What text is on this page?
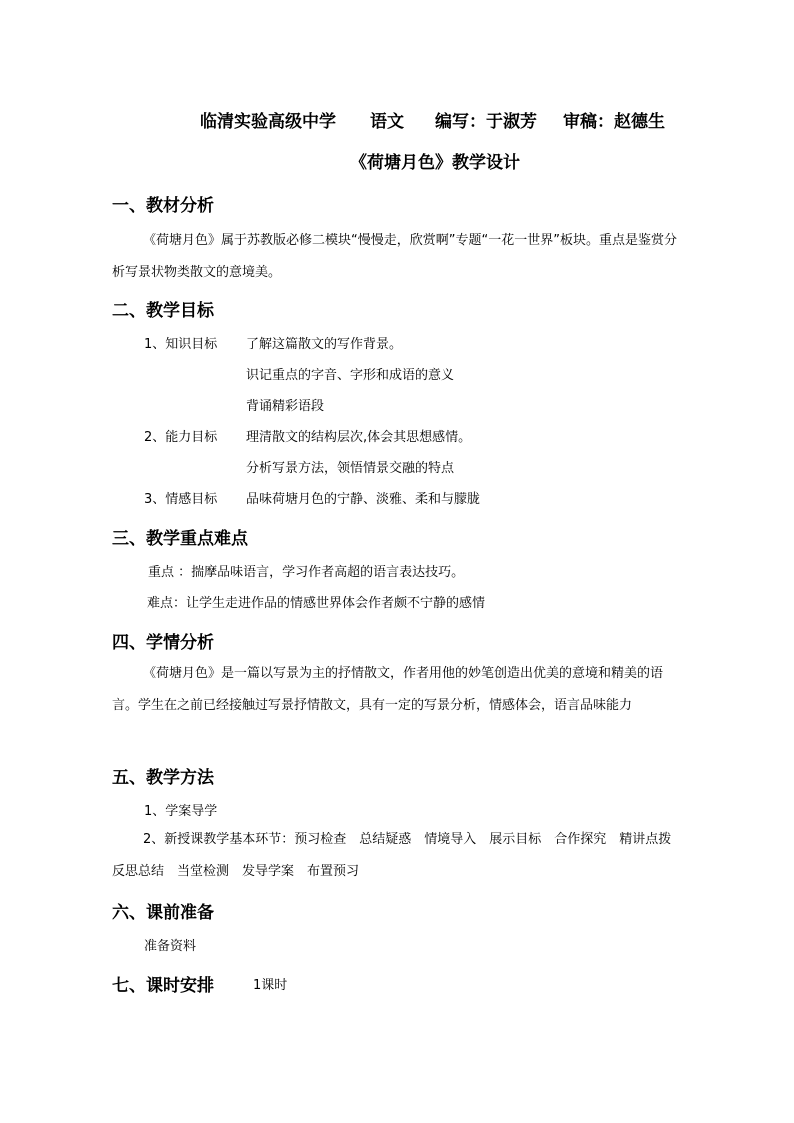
临清实验高级中学	语文	编写：于淑芳	审稿：赵德生
《荷塘月色》教学设计
一、教材分析
《荷塘月色》属于苏教版必修二模块“慢慢走，欣赏啊”专题“一花一世界”板块。重点是鉴赏分析写景状物类散文的意境美。
二、教学目标
1、知识目标 了解这篇散文的写作背景。
识记重点的字音、字形和成语的意义
背诵精彩语段
2、能力目标 理清散文的结构层次,体会其思想感情。
分析写景方法，领悟情景交融的特点
3、情感目标 品味荷塘月色的宁静、淡雅、柔和与朦胧
三、教学重点难点
重点 ：揣摩品味语言，学习作者高超的语言表达技巧。
难点：让学生走进作品的情感世界体会作者颇不宁静的感情
四、学情分析
《荷塘月色》是一篇以写景为主的抒情散文，作者用他的妙笔创造出优美的意境和精美的语言。学生在之前已经接触过写景抒情散文，具有一定的写景分析，情感体会，语言品味能力
五、教学方法
1、学案导学
2、新授课教学基本环节：预习检查　总结疑惑　情境导入　展示目标　合作探究　精讲点拨　反思总结　当堂检测　发导学案　布置预习
六、课前准备
准备资料
七、课时安排	1课时
